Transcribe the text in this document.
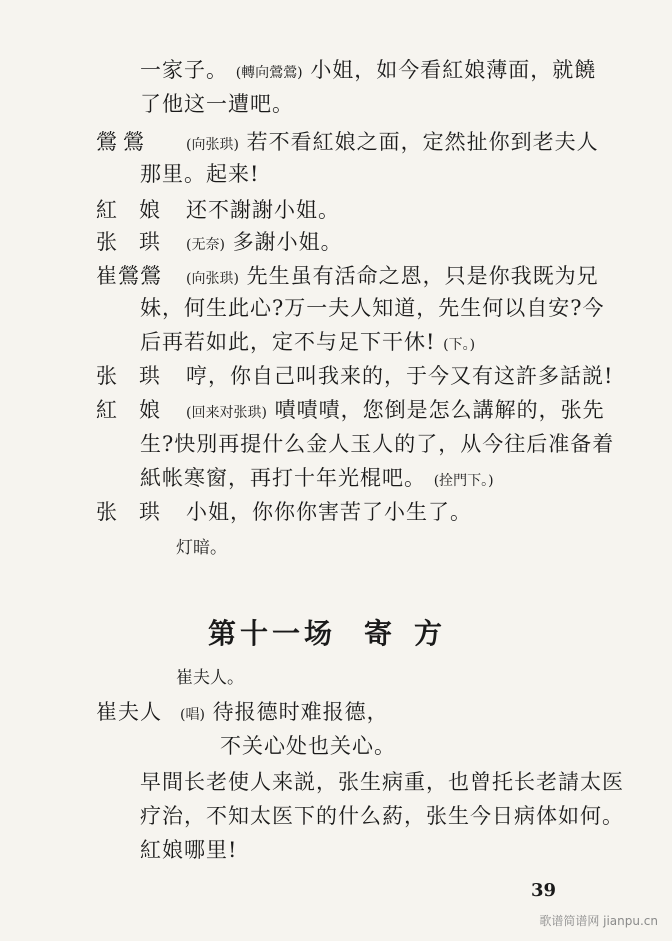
一家子。 (轉向鶯鶯) 小姐，如今看紅娘薄面，就饒
了他这一遭吧。
鶯鶯	(向张珙) 若不看紅娘之面，定然扯你到老夫人
那里。起来!
紅娘 还不謝謝小姐。
张珙 (无奈) 多謝小姐。
崔鶯鶯 (向张珙) 先生虽有活命之恩，只是你我既为兄
妹，何生此心?万一夫人知道，先生何以自安?今
后再若如此，定不与足下干休! (下。)
张珙 哼，你自己叫我来的，于今又有这許多話説!
紅娘 (回来对张珙) 嘖嘖嘖，您倒是怎么講解的，张先
生?快別再提什么金人玉人的了，从今往后准备着
紙帐寒窗，再打十年光棍吧。 (拴門下。)
张珙 小姐，你你你害苦了小生了。
灯暗。
第十一场 寄方
崔夫人。
崔夫人 (唱) 待报德时难报德，
不关心处也关心。
早間长老使人来説，张生病重，也曾托长老請太医
疗治，不知太医下的什么葯，张生今日病体如何。
紅娘哪里!
39
歌谱简谱网 jianpu.cn
